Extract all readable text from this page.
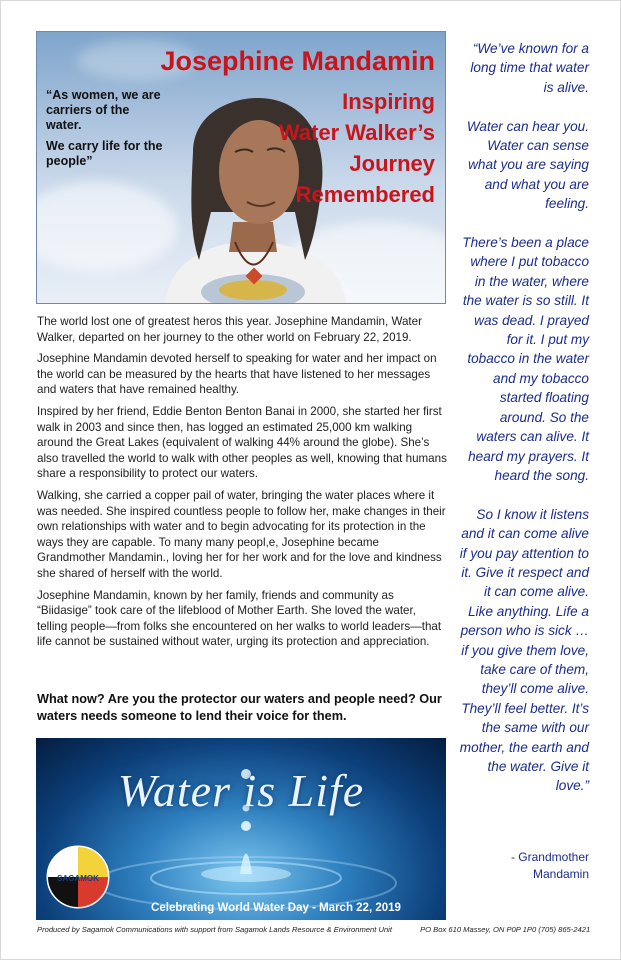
Josephine Mandamin
Inspiring
Water Walker’s
Journey
Remembered

“As women, we are carriers of the water.

We carry life for the people”

The world lost one of greatest heros this year. Josephine Mandamin, Water Walker, departed on her journey to the other world on February 22, 2019.

Josephine Mandamin devoted herself to speaking for water and her impact on the world can be measured by the hearts that have listened to her messages and waters that have remained healthy.

Inspired by her friend, Eddie Benton Benton Banai in 2000, she started her first walk in 2003 and since then, has logged an estimated 25,000 km walking around the Great Lakes (equivalent of walking 44% around the globe). She’s also travelled the world to walk with other peoples as well, knowing that humans share a responsibility to protect our waters.

Walking, she carried a copper pail of water, bringing the water places where it was needed. She inspired countless people to follow her, make changes in their own relationships with water and to begin advocating for its protection in the ways they are capable. To many many peopl,e, Josephine became Grandmother Mandamin., loving her for her work and for the love and kindness she shared of herself with the world.

Josephine Mandamin, known by her family, friends and community as “Biidasige” took care of the lifeblood of Mother Earth. She loved the water, telling people—from folks she encountered on her walks to world leaders—that life cannot be sustained without water, urging its protection and appreciation.

What now? Are you the protector our waters and people need? Our waters needs someone to lend their voice for them.
Water is Life
SAGAMOK
Celebrating World Water Day - March 22, 2019
Produced by Sagamok Communications with support from Sagamok Lands Resource & Environment Unit	PO Box 610 Massey, ON P0P 1P0 (705) 865-2421

“We’ve known for a long time that water is alive.

Water can hear you. Water can sense what you are saying and what you are feeling.

There’s been a place where I put tobacco in the water, where the water is so still. It was dead. I prayed for it. I put my tobacco in the water and my tobacco started floating around. So the waters can alive. It heard my prayers. It heard the song.

So I know it listens and it can come alive if you pay attention to it. Give it respect and it can come alive. Like anything. Life a person who is sick … if you give them love, take care of them, they’ll come alive. They’ll feel better. It’s the same with our mother, the earth and the water. Give it love.”

- Grandmother
Mandamin
